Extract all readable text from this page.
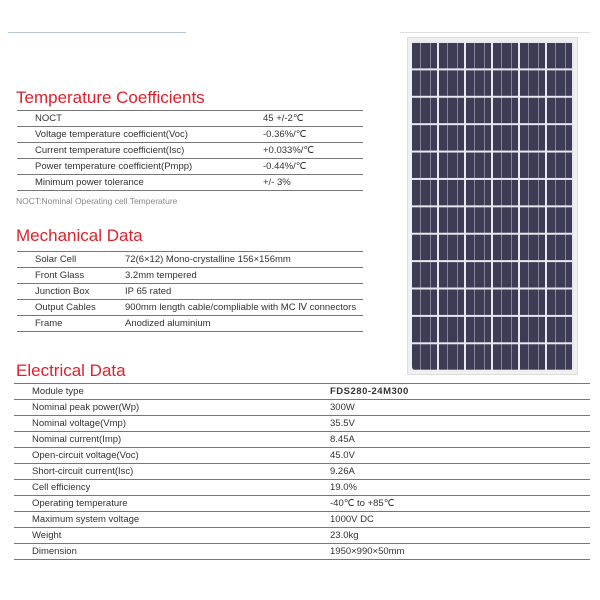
Temperature Coefficients
NOCT	45 +/-2℃
Voltage temperature coefficient(Voc)	-0.36%/℃
Current temperature coefficient(Isc)	+0.033%/℃
Power temperature coefficient(Pmpp)	-0.44%/℃
Minimum power tolerance	+/- 3%
NOCT:Nominal Operating cell Temperature
Mechanical Data
Solar Cell	72(6×12) Mono-crystalline 156×156mm
Front Glass	3.2mm tempered
Junction Box	IP 65 rated
Output Cables	900mm length cable/compliable with MC Ⅳ connectors
Frame	Anodized aluminium
Electrical Data
Module type	FDS280-24M300
Nominal peak power(Wp)	300W
Nominal voltage(Vmp)	35.5V
Nominal current(Imp)	8.45A
Open-circuit voltage(Voc)	45.0V
Short-circuit current(Isc)	9.26A
Cell efficiency	19.0%
Operating temperature	-40℃ to +85℃
Maximum system voltage	1000V DC
Weight	23.0kg
Dimension	1950×990×50mm
